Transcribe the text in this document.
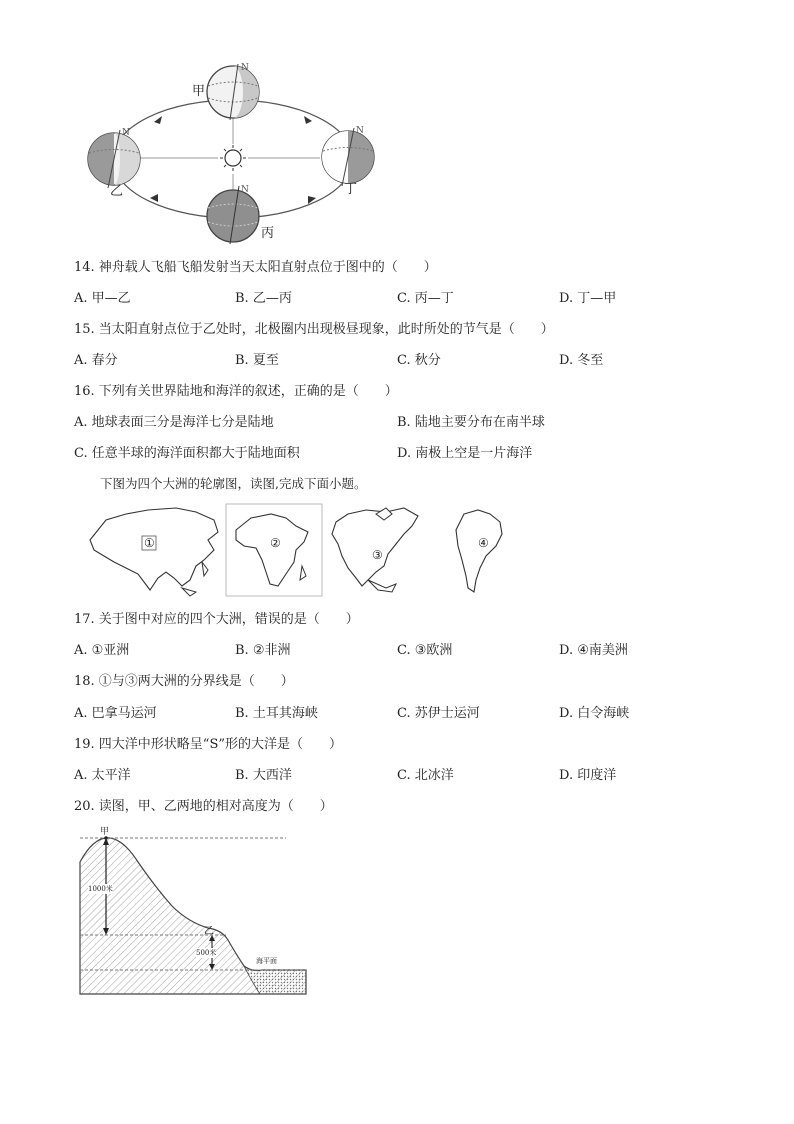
N
N	N
N
甲
乙	丁
丙
14. 神舟载人飞船飞船发射当天太阳直射点位于图中的（　　）
A. 甲—乙	B. 乙—丙	C. 丙—丁	D. 丁—甲
15. 当太阳直射点位于乙处时，北极圈内出现极昼现象，此时所处的节气是（　　）
A. 春分	B. 夏至	C. 秋分	D. 冬至
16. 下列有关世界陆地和海洋的叙述，正确的是（　　）
A. 地球表面三分是海洋七分是陆地	B. 陆地主要分布在南半球
C. 任意半球的海洋面积都大于陆地面积	D. 南极上空是一片海洋
下图为四个大洲的轮廓图，读图,完成下面小题。
①	②
③
④
17. 关于图中对应的四个大洲，错误的是（　　）
A. ①亚洲	B. ②非洲	C. ③欧洲	D. ④南美洲
18. ①与③两大洲的分界线是（　　）
A. 巴拿马运河	B. 土耳其海峡	C. 苏伊士运河	D. 白令海峡
19. 四大洋中形状略呈“S”形的大洋是（　　）
A. 太平洋	B. 大西洋	C. 北冰洋	D. 印度洋
20. 读图，甲、乙两地的相对高度为（　　）
甲
乙
1000米
500米
海平面
